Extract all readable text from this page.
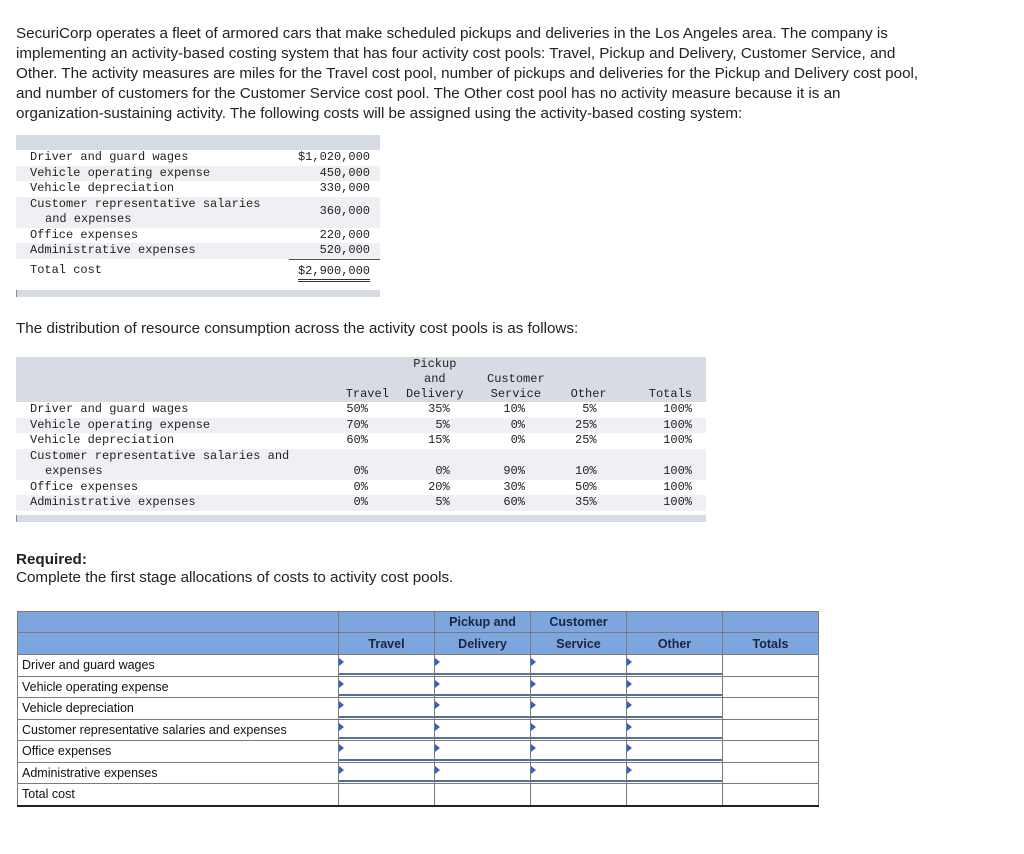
SecuriCorp operates a fleet of armored cars that make scheduled pickups and deliveries in the Los Angeles area. The company is implementing an activity-based costing system that has four activity cost pools: Travel, Pickup and Delivery, Customer Service, and Other. The activity measures are miles for the Travel cost pool, number of pickups and deliveries for the Pickup and Delivery cost pool, and number of customers for the Customer Service cost pool. The Other cost pool has no activity measure because it is an organization-sustaining activity. The following costs will be assigned using the activity-based costing system:

Driver and guard wages	$1,020,000
Vehicle operating expense	450,000
Vehicle depreciation	330,000

Customer representative salaries
and expenses	360,000
Office expenses	220,000
Administrative expenses	520,000
Total cost	$2,900,000

The distribution of resource consumption across the activity cost pools is as follows:

		Pickup			
		and	Customer		
	Travel	Delivery	Service	Other	Totals
Driver and guard wages	50%	35%	10%	5%	100%
Vehicle operating expense	70%	5%	0%	25%	100%
Vehicle depreciation	60%	15%	0%	25%	100%
Customer representative salaries and					
expenses	0%	0%	90%	10%	100%
Office expenses	0%	20%	30%	50%	100%
Administrative expenses	0%	5%	60%	35%	100%
Required:
Complete the first stage allocations of costs to activity cost pools.
		Pickup and	Customer		
	Travel	Delivery	Service	Other	Totals
Driver and guard wages	

Vehicle operating expense	

Vehicle depreciation	

Customer representative salaries and expenses	

Office expenses	

Administrative expenses	

Total cost					
